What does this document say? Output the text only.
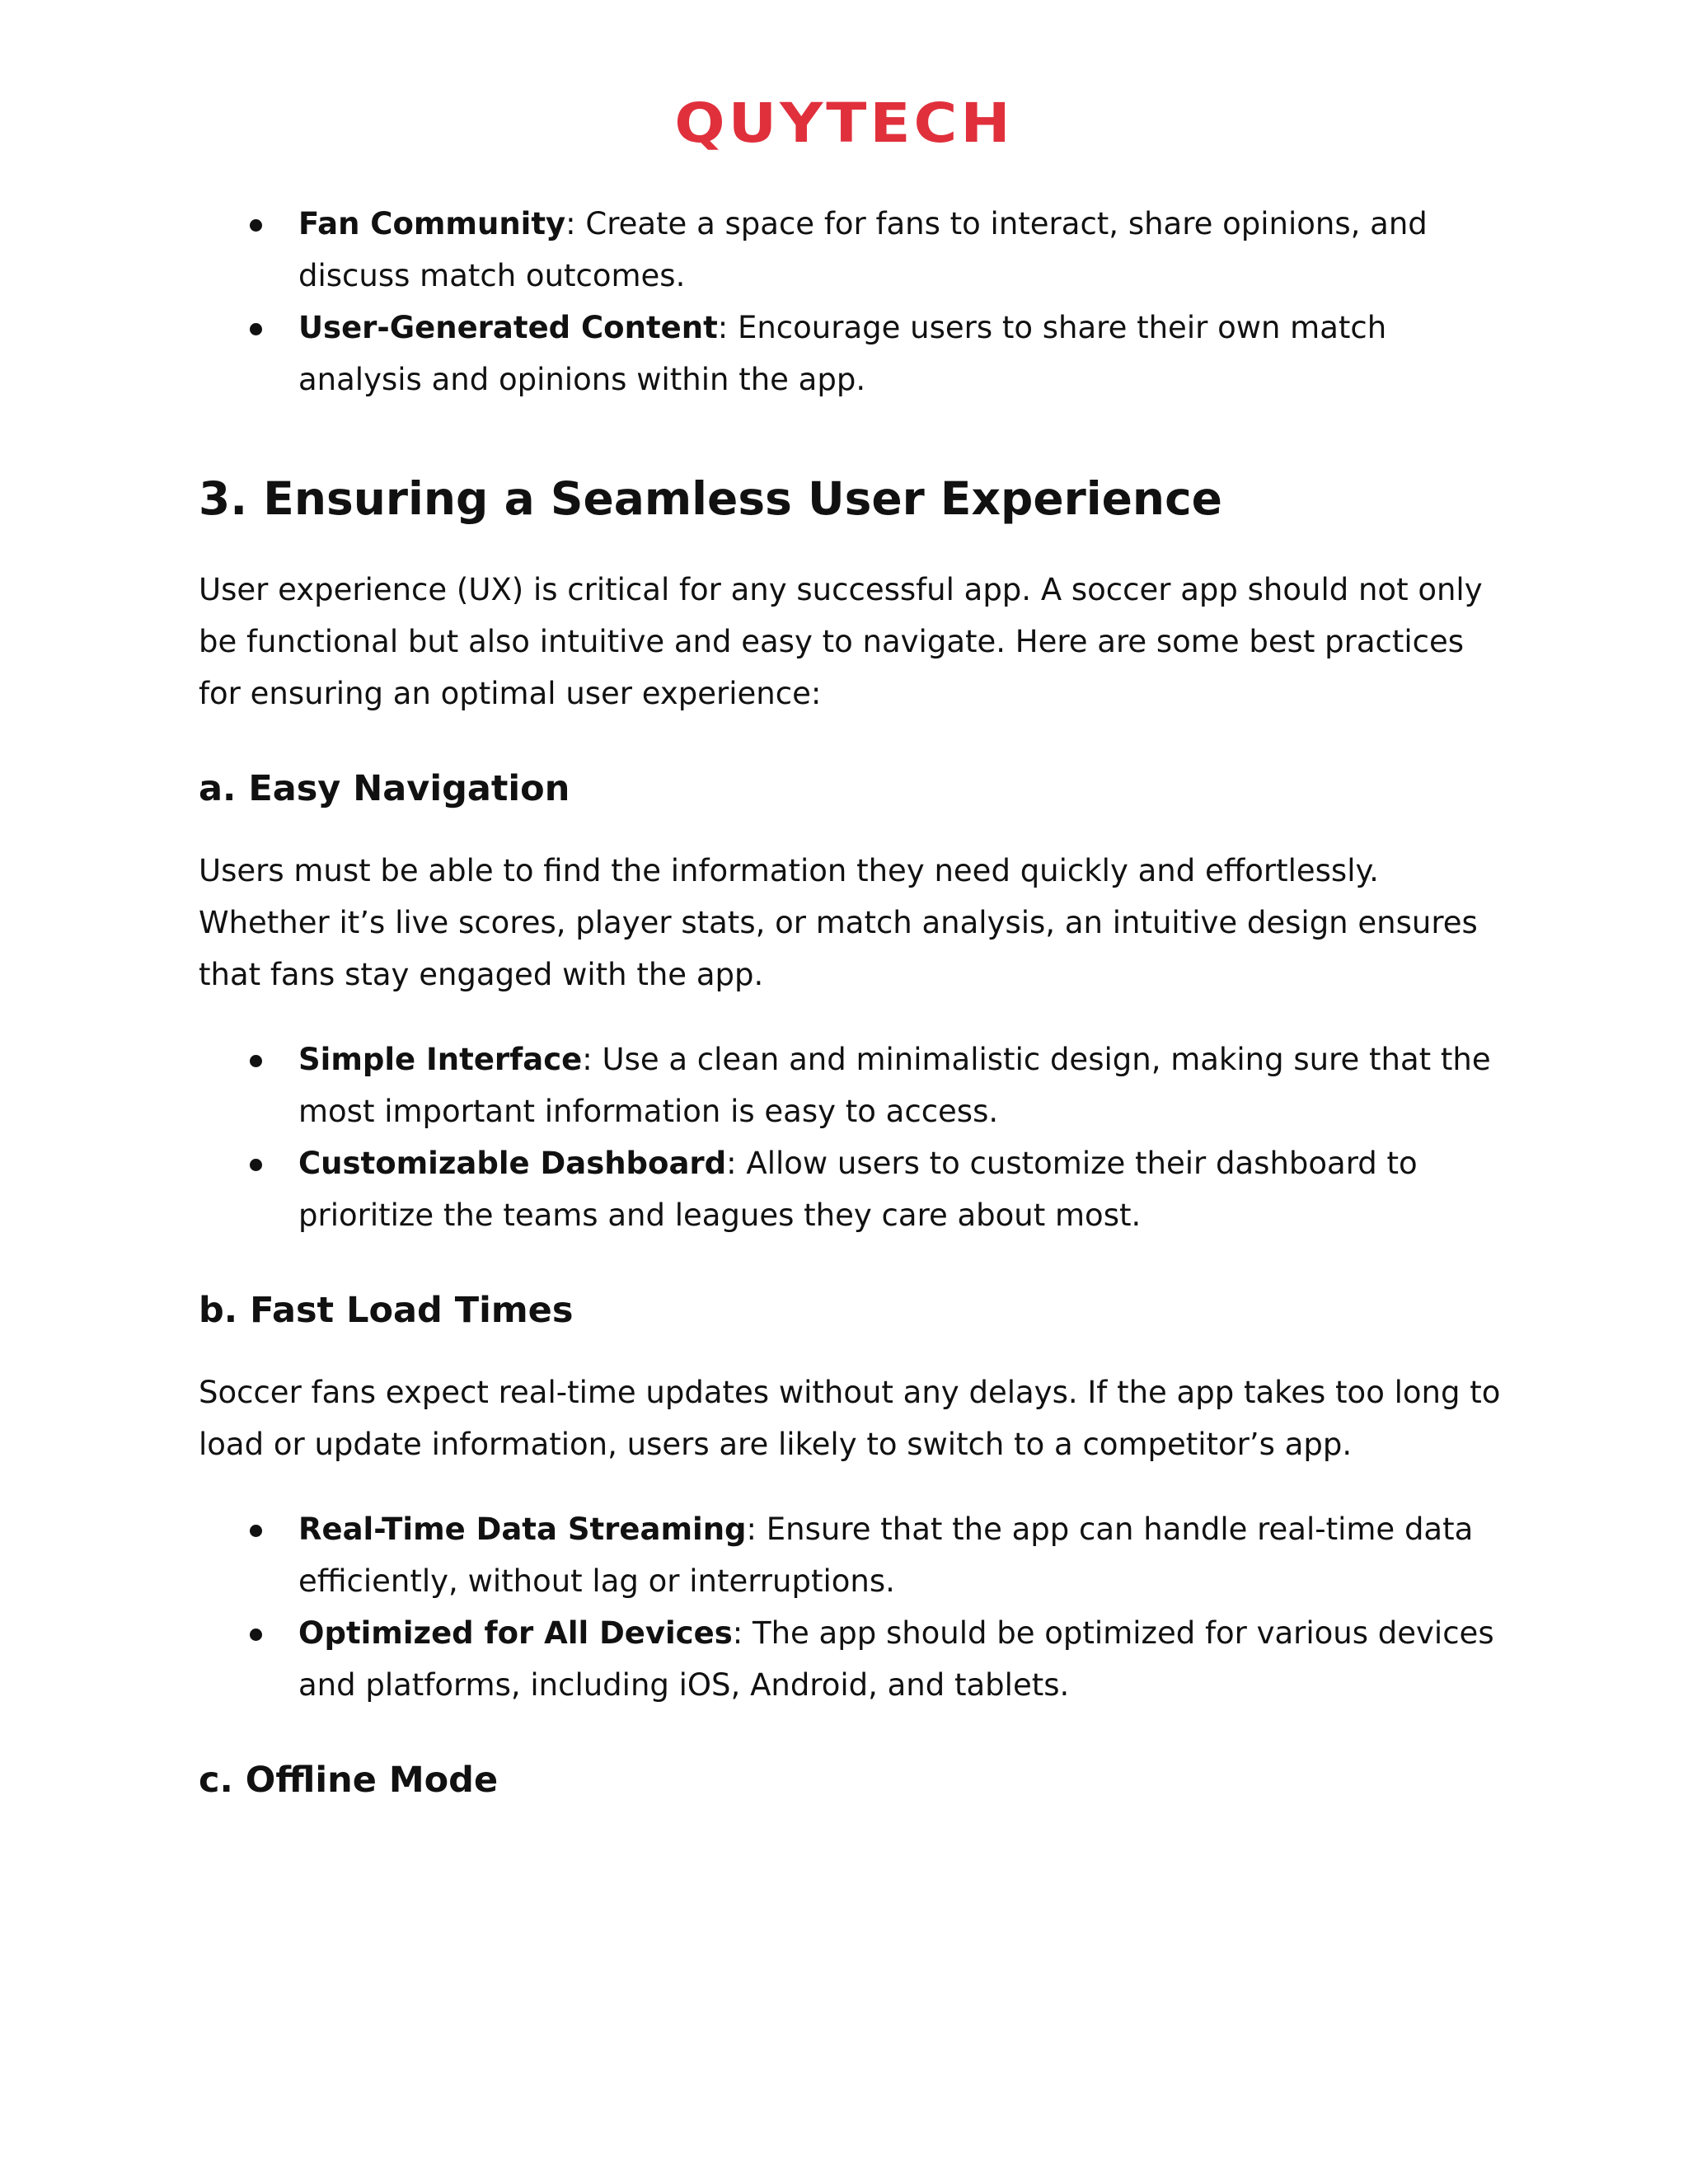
QUYTECH
Fan Community: Create a space for fans to interact, share opinions, and discuss match outcomes.
User-Generated Content: Encourage users to share their own match analysis and opinions within the app.
3. Ensuring a Seamless User Experience

User experience (UX) is critical for any successful app. A soccer app should not only be functional but also intuitive and easy to navigate. Here are some best practices for ensuring an optimal user experience:

a. Easy Navigation

Users must be able to find the information they need quickly and effortlessly. Whether it’s live scores, player stats, or match analysis, an intuitive design ensures that fans stay engaged with the app.

Simple Interface: Use a clean and minimalistic design, making sure that the most important information is easy to access.
Customizable Dashboard: Allow users to customize their dashboard to prioritize the teams and leagues they care about most.
b. Fast Load Times

Soccer fans expect real-time updates without any delays. If the app takes too long to load or update information, users are likely to switch to a competitor’s app.

Real-Time Data Streaming: Ensure that the app can handle real-time data efficiently, without lag or interruptions.
Optimized for All Devices: The app should be optimized for various devices and platforms, including iOS, Android, and tablets.
c. Offline Mode
